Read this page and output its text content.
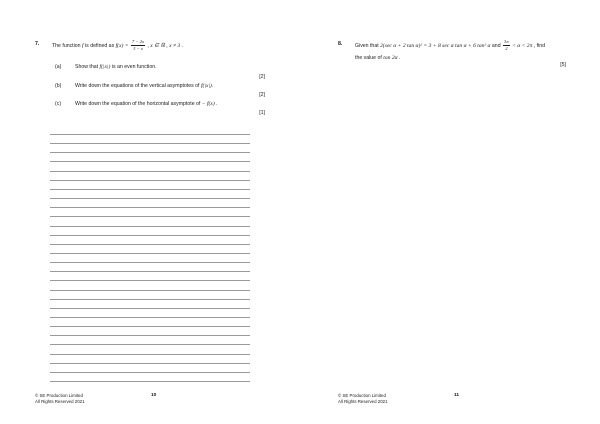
7. The function f is defined as $f(x) = \frac{7 - 2x}{3 - x}$ , x ∈ ℝ , x ≠ 3 .
(a)	Show that f(|x|) is an even function.
[2]
(b)	Write down the equations of the vertical asymptotes of f(|x|).
[2]
(c)	Write down the equation of the horizontal asymptote of − f(x) .
[1]
© SE Production Limited
All Rights Reserved 2021
10
8. Given that 2(sec α + 2 tan α)² = 3 + 8 sec α tan α + 6 tan² α and $\frac{3\pi}{2} < \alpha < 2\pi$ , find
the value of tan 2α .
[5]
© SE Production Limited
All Rights Reserved 2021
11
